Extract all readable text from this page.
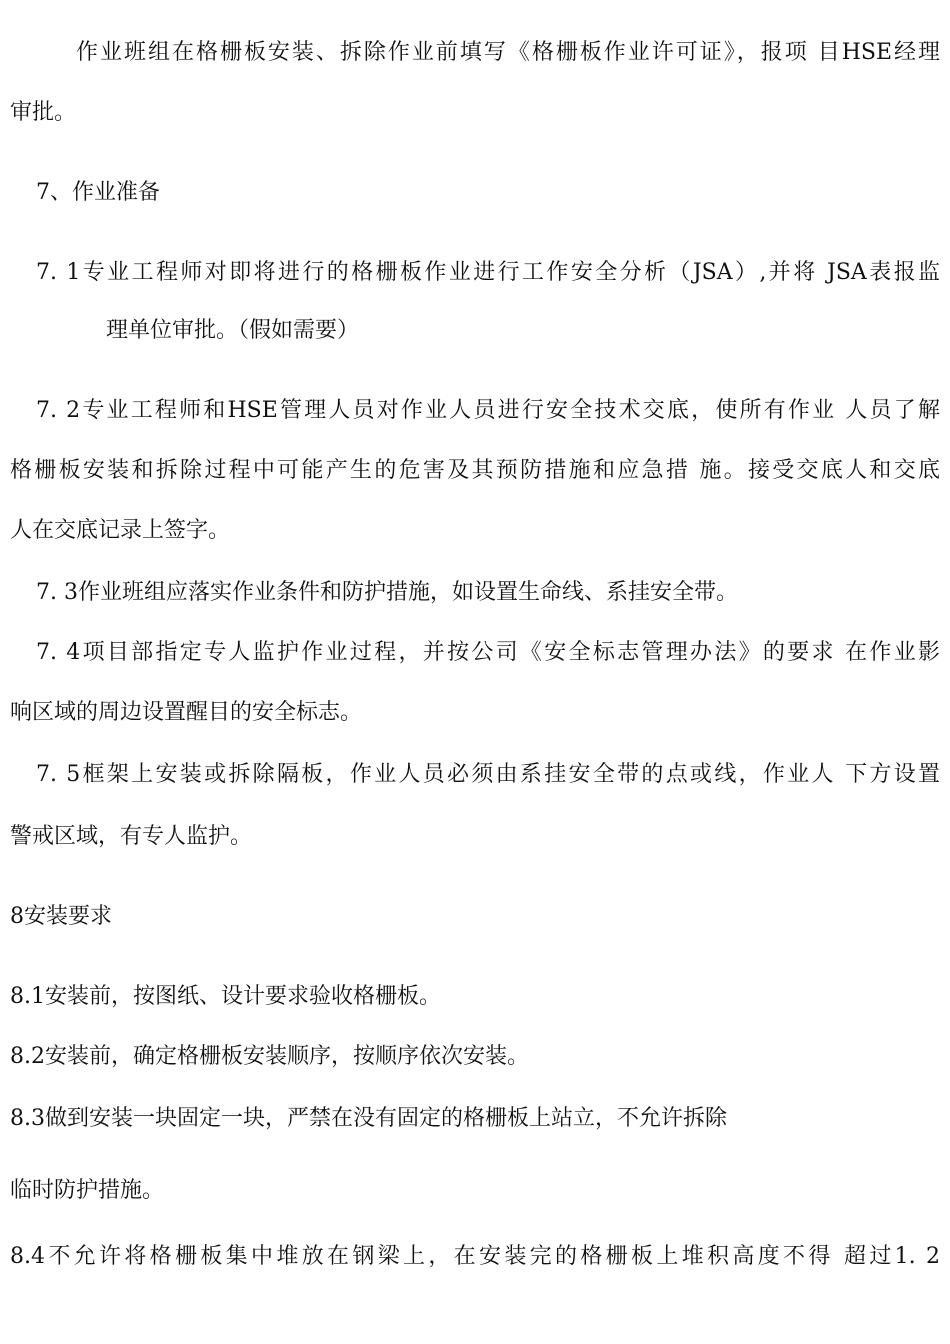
作业班组在格栅板安装、拆除作业前填写《格栅板作业许可证》，报项 目HSE经理
审批。
7、作业准备
7. 1专业工程师对即将进行的格栅板作业进行工作安全分析（JSA）,并将 JSA表报监
理单位审批。（假如需要）
7. 2专业工程师和HSE管理人员对作业人员进行安全技术交底，使所有作业 人员了解
格栅板安装和拆除过程中可能产生的危害及其预防措施和应急措 施。接受交底人和交底
人在交底记录上签字。
7. 3作业班组应落实作业条件和防护措施，如设置生命线、系挂安全带。
7. 4项目部指定专人监护作业过程，并按公司《安全标志管理办法》的要求 在作业影
响区域的周边设置醒目的安全标志。
7. 5框架上安装或拆除隔板，作业人员必须由系挂安全带的点或线，作业人 下方设置
警戒区域，有专人监护。
8安装要求
8.1安装前，按图纸、设计要求验收格栅板。
8.2安装前，确定格栅板安装顺序，按顺序依次安装。
8.3做到安装一块固定一块，严禁在没有固定的格栅板上站立，不允许拆除
临时防护措施。
8.4不允许将格栅板集中堆放在钢梁上，在安装完的格栅板上堆积高度不得 超过1. 2
